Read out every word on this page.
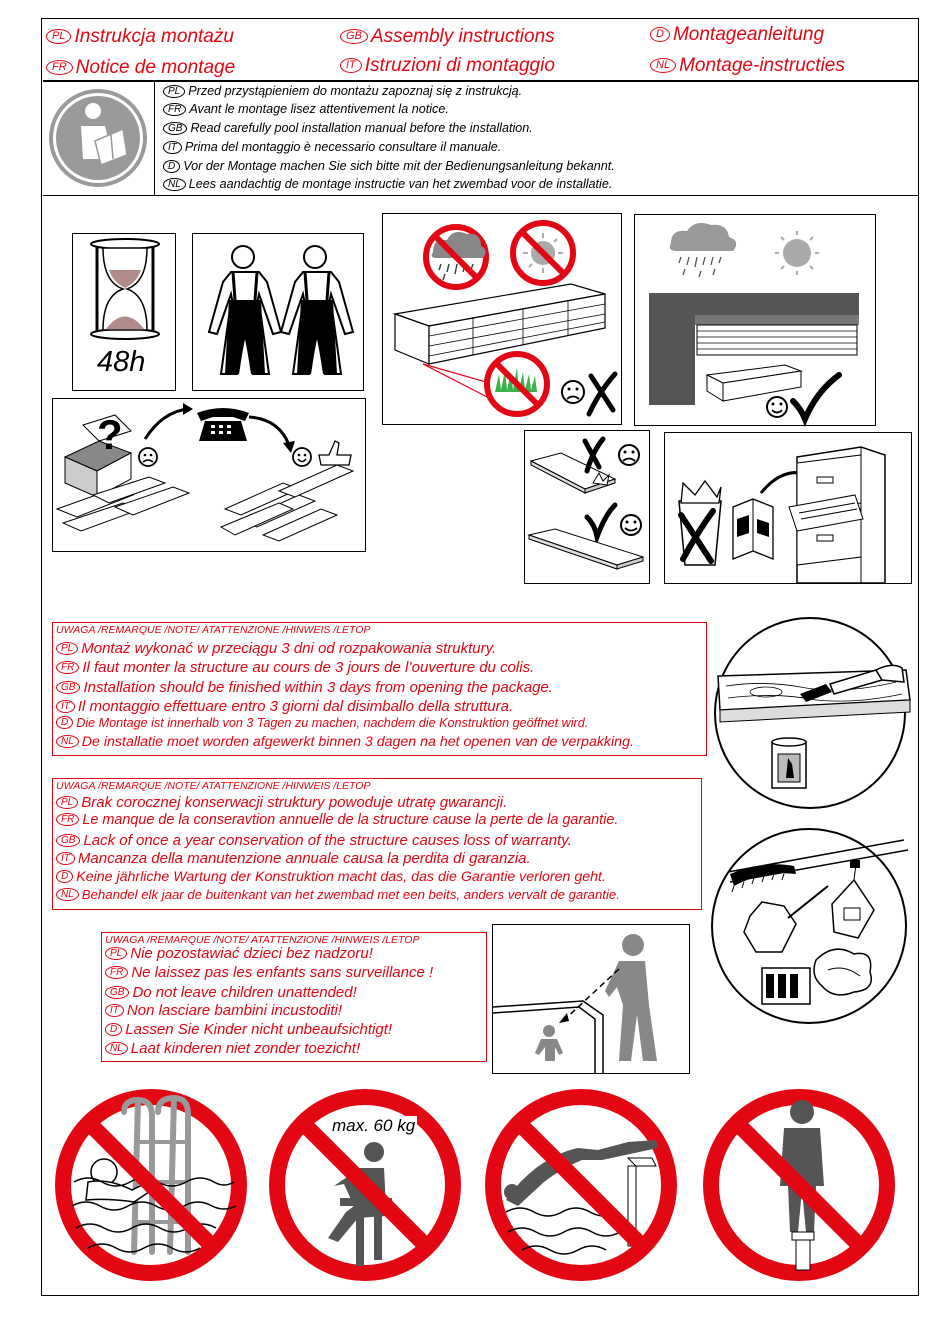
PL Instrukcja montażu	GB Assembly instructions	D Montageanleitung
FR Notice de montage	IT Istruzioni di montaggio	NL Montage-instructies
PL Przed przystąpieniem do montażu zapoznaj się z instrukcją.
FR Avant le montage lisez attentivement la notice.
GB Read carefully pool installation manual before the installation.
IT Prima del montaggio è necessario consultare il manuale.
D Vor der Montage machen Sie sich bitte mit der Bedienungsanleitung bekannt.
NL Lees aandachtig de montage instructie van het zwembad voor de installatie.
48h
?
UWAGA /REMARQUE /NOTE/ ATATTENZIONE /HINWEIS /LETOP
PL Montaż wykonać w przeciągu 3 dni od rozpakowania struktury.
FR Il faut monter la structure au cours de 3 jours de l’ouverture du colis.
GB Installation should be finished within 3 days from opening the package.
IT Il montaggio effettuare entro 3 giorni dal disimballo della struttura.
D Die Montage ist innerhalb von 3 Tagen zu machen, nachdem die Konstruktion geöffnet wird.
NL De installatie moet worden afgewerkt binnen 3 dagen na het openen van de verpakking.
UWAGA /REMARQUE /NOTE/ ATATTENZIONE /HINWEIS /LETOP
PL Brak corocznej konserwacji struktury powoduje utratę gwarancji.
FR Le manque de la conseravtion annuelle de la structure cause la perte de la garantie.
GB Lack of once a year conservation of the structure causes loss of warranty.
IT Mancanza della manutenzione annuale causa la perdita di garanzia.
D Keine jährliche Wartung der Konstruktion macht das, das die Garantie verloren geht.
NL Behandel elk jaar de buitenkant van het zwembad met een beits, anders vervalt de garantie.
UWAGA /REMARQUE /NOTE/ ATATTENZIONE /HINWEIS /LETOP
PL Nie pozostawiać dzieci bez nadzoru!
FR Ne laissez pas les enfants sans surveillance !
GB Do not leave children unattended!
IT Non lasciare bambini incustoditi!
D Lassen Sie Kinder nicht unbeaufsichtigt!
NL Laat kinderen niet zonder toezicht!
max. 60 kg
